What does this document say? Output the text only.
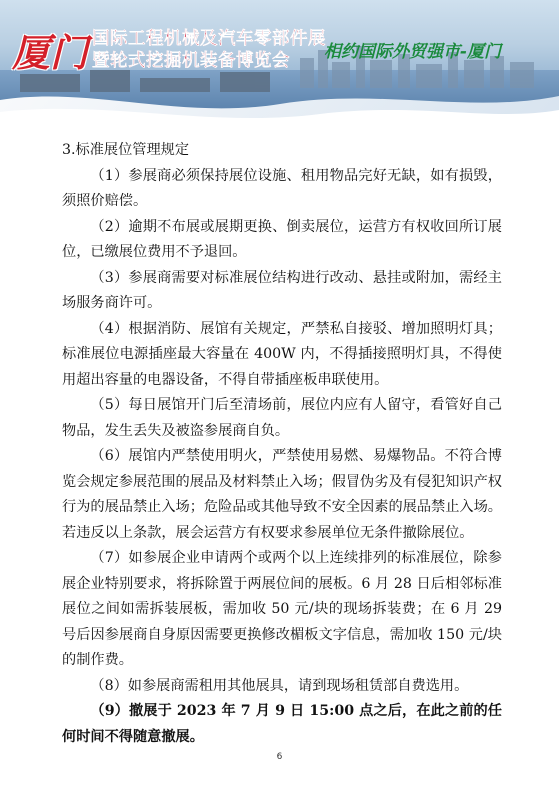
厦 门 国际工程机械及汽车零部件展
暨轮式挖掘机装备博览会 相约国际外贸强市-厦门

3.标准展位管理规定

（1）参展商必须保持展位设施、租用物品完好无缺，如有损毁，须照价赔偿。

（2）逾期不布展或展期更换、倒卖展位，运营方有权收回所订展位，已缴展位费用不予退回。

（3）参展商需要对标准展位结构进行改动、悬挂或附加，需经主场服务商许可。

（4）根据消防、展馆有关规定，严禁私自接驳、增加照明灯具；标准展位电源插座最大容量在 400W 内，不得插接照明灯具，不得使用超出容量的电器设备，不得自带插座板串联使用。

（5）每日展馆开门后至清场前，展位内应有人留守，看管好自己物品，发生丢失及被盗参展商自负。

（6）展馆内严禁使用明火，严禁使用易燃、易爆物品。不符合博览会规定参展范围的展品及材料禁止入场；假冒伪劣及有侵犯知识产权行为的展品禁止入场；危险品或其他导致不安全因素的展品禁止入场。若违反以上条款，展会运营方有权要求参展单位无条件撤除展位。

（7）如参展企业申请两个或两个以上连续排列的标准展位，除参展企业特别要求，将拆除置于两展位间的展板。6 月 28 日后相邻标准展位之间如需拆装展板，需加收 50 元/块的现场拆装费；在 6 月 29 号后因参展商自身原因需要更换修改楣板文字信息，需加收 150 元/块的制作费。

（8）如参展商需租用其他展具，请到现场租赁部自费选用。

（9）撤展于 2023 年 7 月 9 日 15:00 点之后，在此之前的任何时间不得随意撤展。

6
